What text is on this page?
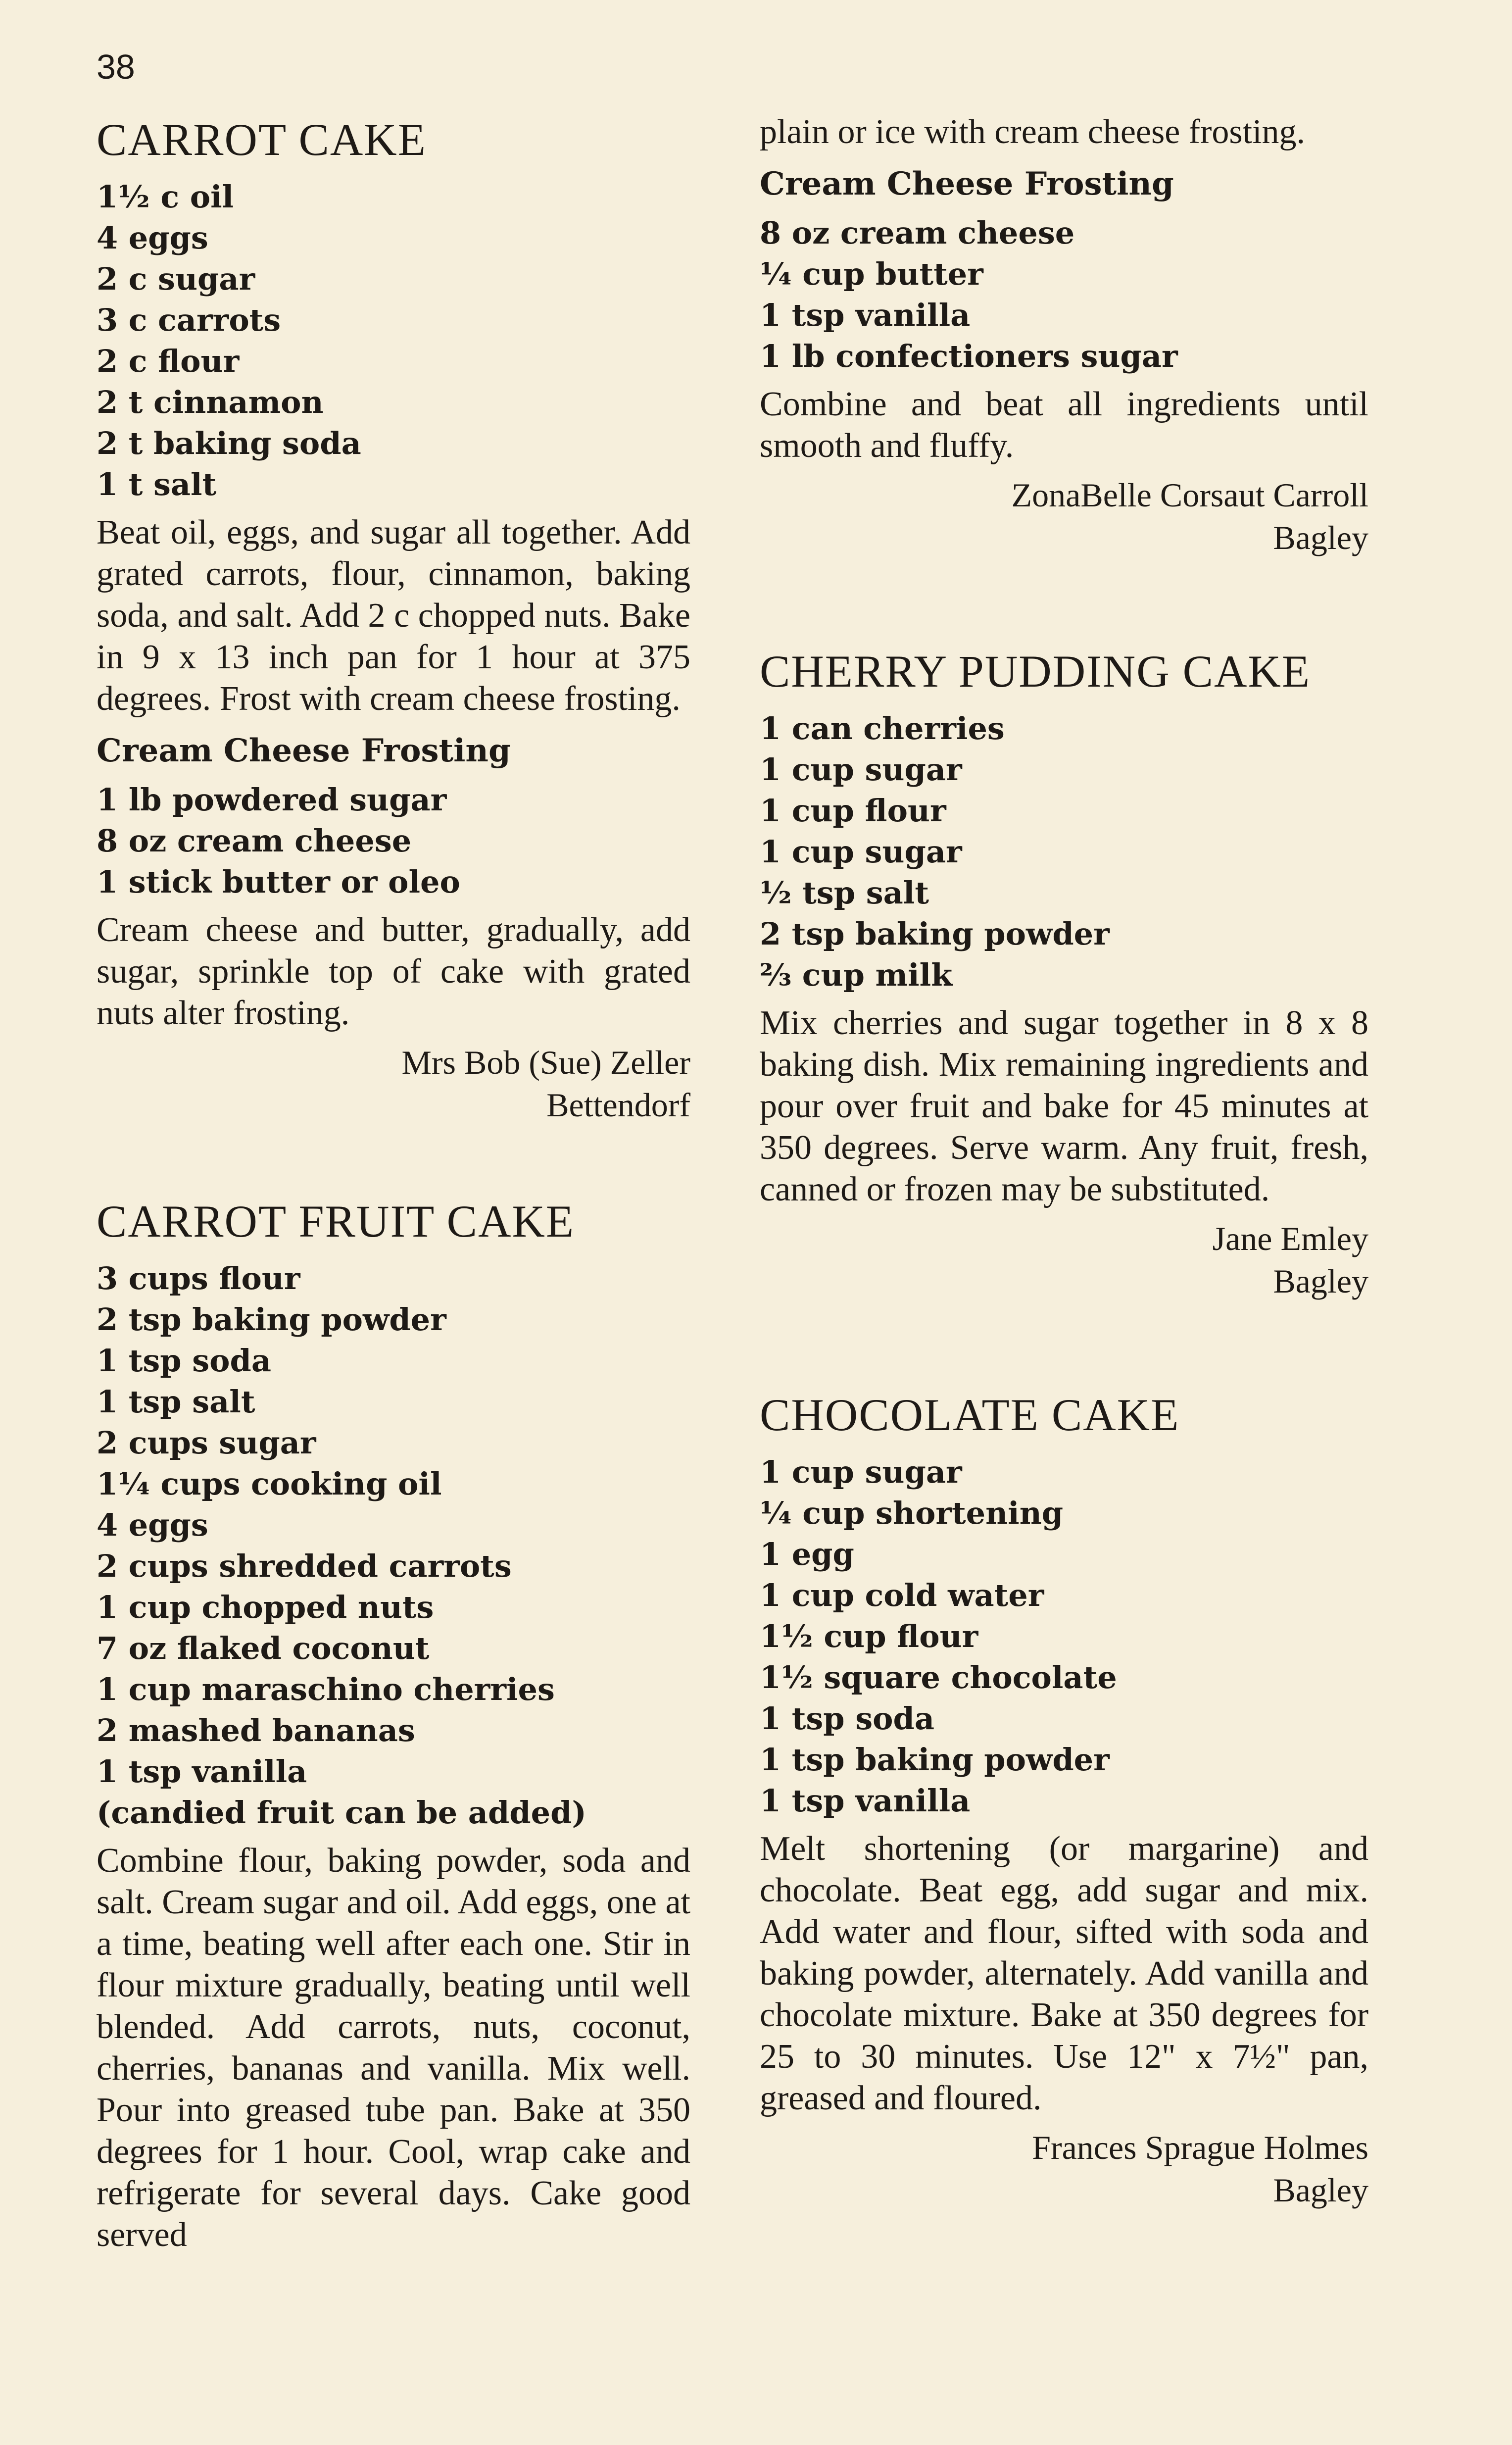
38
CARROT CAKE
1½ c oil
4 eggs
2 c sugar
3 c carrots
2 c flour
2 t cinnamon
2 t baking soda
1 t salt

Beat oil, eggs, and sugar all together. Add grated carrots, flour, cinnamon, baking soda, and salt. Add 2 c chopped nuts. Bake in 9 x 13 inch pan for 1 hour at 375 degrees. Frost with cream cheese frosting.

Cream Cheese Frosting
1 lb powdered sugar
8 oz cream cheese
1 stick butter or oleo

Cream cheese and butter, gradually, add sugar, sprinkle top of cake with grated nuts alter frosting.

Mrs Bob (Sue) Zeller
Bettendorf
CARROT FRUIT CAKE
3 cups flour
2 tsp baking powder
1 tsp soda
1 tsp salt
2 cups sugar
1¼ cups cooking oil
4 eggs
2 cups shredded carrots
1 cup chopped nuts
7 oz flaked coconut
1 cup maraschino cherries
2 mashed bananas
1 tsp vanilla
(candied fruit can be added)

Combine flour, baking powder, soda and salt. Cream sugar and oil. Add eggs, one at a time, beating well after each one. Stir in flour mixture gradually, beating until well blended. Add carrots, nuts, coconut, cherries, bananas and vanilla. Mix well. Pour into greased tube pan. Bake at 350 degrees for 1 hour. Cool, wrap cake and refrigerate for several days. Cake good served

plain or ice with cream cheese frosting.

Cream Cheese Frosting
8 oz cream cheese
¼ cup butter
1 tsp vanilla
1 lb confectioners sugar

Combine and beat all ingredients until smooth and fluffy.

ZonaBelle Corsaut Carroll
Bagley
CHERRY PUDDING CAKE
1 can cherries
1 cup sugar
1 cup flour
1 cup sugar
½ tsp salt
2 tsp baking powder
⅔ cup milk

Mix cherries and sugar together in 8 x 8 baking dish. Mix remaining ingredients and pour over fruit and bake for 45 minutes at 350 degrees. Serve warm. Any fruit, fresh, canned or frozen may be substituted.

Jane Emley
Bagley
CHOCOLATE CAKE
1 cup sugar
¼ cup shortening
1 egg
1 cup cold water
1½ cup flour
1½ square chocolate
1 tsp soda
1 tsp baking powder
1 tsp vanilla

Melt shortening (or margarine) and chocolate. Beat egg, add sugar and mix. Add water and flour, sifted with soda and baking powder, alternately. Add vanilla and chocolate mixture. Bake at 350 degrees for 25 to 30 minutes. Use 12" x 7½" pan, greased and floured.

Frances Sprague Holmes
Bagley
